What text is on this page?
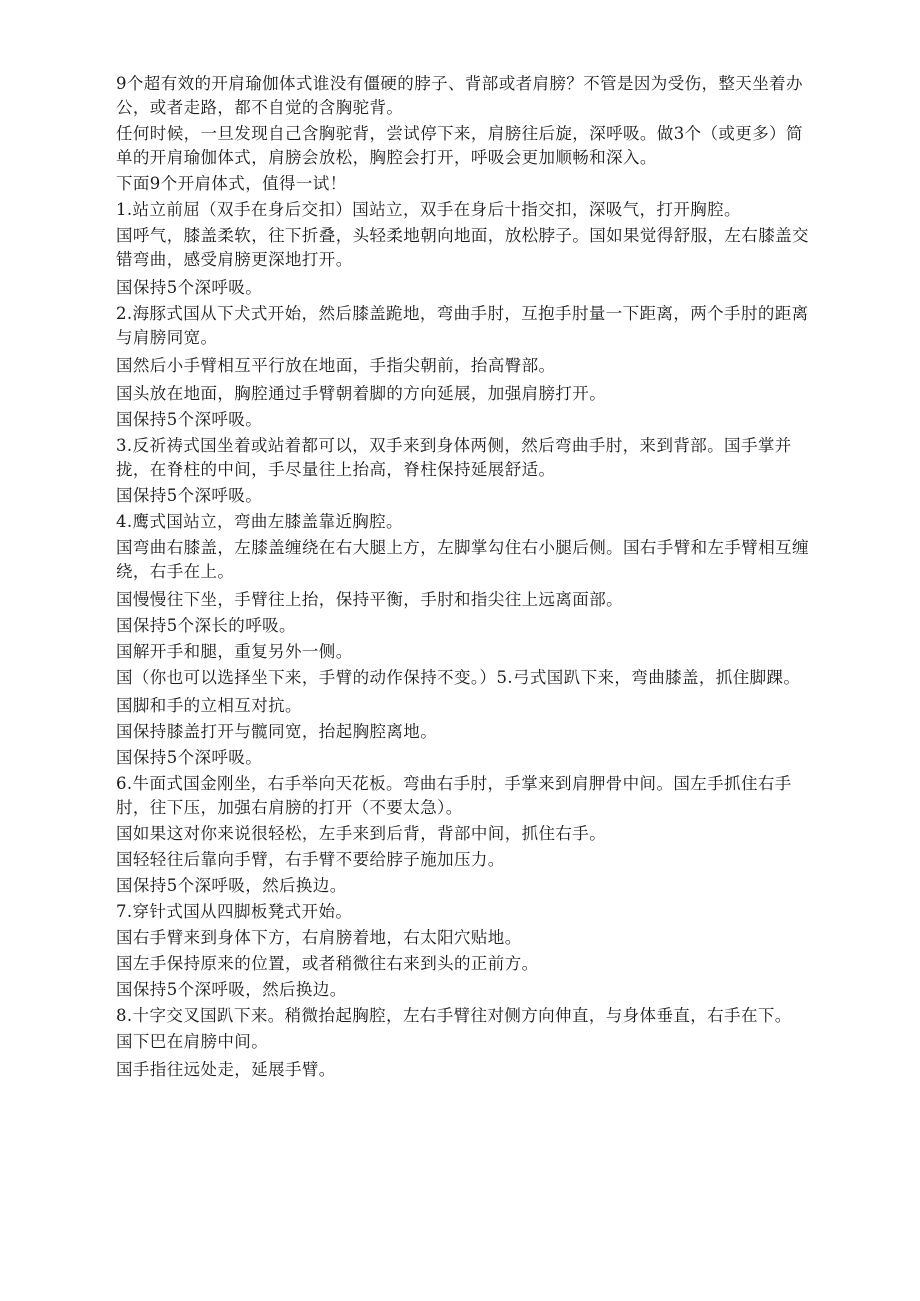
9个超有效的开肩瑜伽体式谁没有僵硬的脖子、背部或者肩膀？不管是因为受伤，整天坐着办公，或者走路，都不自觉的含胸驼背。

任何时候，一旦发现自己含胸驼背，尝试停下来，肩膀往后旋，深呼吸。做3个（或更多）简单的开肩瑜伽体式，肩膀会放松，胸腔会打开，呼吸会更加顺畅和深入。

下面9个开肩体式，值得一试！

1.站立前屈（双手在身后交扣）国站立，双手在身后十指交扣，深吸气，打开胸腔。

国呼气，膝盖柔软，往下折叠，头轻柔地朝向地面，放松脖子。国如果觉得舒服，左右膝盖交错弯曲，感受肩膀更深地打开。

国保持5个深呼吸。

2.海豚式国从下犬式开始，然后膝盖跪地，弯曲手肘，互抱手肘量一下距离，两个手肘的距离与肩膀同宽。

国然后小手臂相互平行放在地面，手指尖朝前，抬高臀部。

国头放在地面，胸腔通过手臂朝着脚的方向延展，加强肩膀打开。

国保持5个深呼吸。

3.反祈祷式国坐着或站着都可以，双手来到身体两侧，然后弯曲手肘，来到背部。国手掌并拢，在脊柱的中间，手尽量往上抬高，脊柱保持延展舒适。

国保持5个深呼吸。

4.鹰式国站立，弯曲左膝盖靠近胸腔。

国弯曲右膝盖，左膝盖缠绕在右大腿上方，左脚掌勾住右小腿后侧。国右手臂和左手臂相互缠绕，右手在上。

国慢慢往下坐，手臂往上抬，保持平衡，手肘和指尖往上远离面部。

国保持5个深长的呼吸。

国解开手和腿，重复另外一侧。

国（你也可以选择坐下来，手臂的动作保持不变。）5.弓式国趴下来，弯曲膝盖，抓住脚踝。

国脚和手的立相互对抗。

国保持膝盖打开与髋同宽，抬起胸腔离地。

国保持5个深呼吸。

6.牛面式国金刚坐，右手举向天花板。弯曲右手肘，手掌来到肩胛骨中间。国左手抓住右手肘，往下压，加强右肩膀的打开（不要太急）。

国如果这对你来说很轻松，左手来到后背，背部中间，抓住右手。

国轻轻往后靠向手臂，右手臂不要给脖子施加压力。

国保持5个深呼吸，然后换边。

7.穿针式国从四脚板凳式开始。

国右手臂来到身体下方，右肩膀着地，右太阳穴贴地。

国左手保持原来的位置，或者稍微往右来到头的正前方。

国保持5个深呼吸，然后换边。

8.十字交叉国趴下来。稍微抬起胸腔，左右手臂往对侧方向伸直，与身体垂直，右手在下。

国下巴在肩膀中间。

国手指往远处走，延展手臂。
